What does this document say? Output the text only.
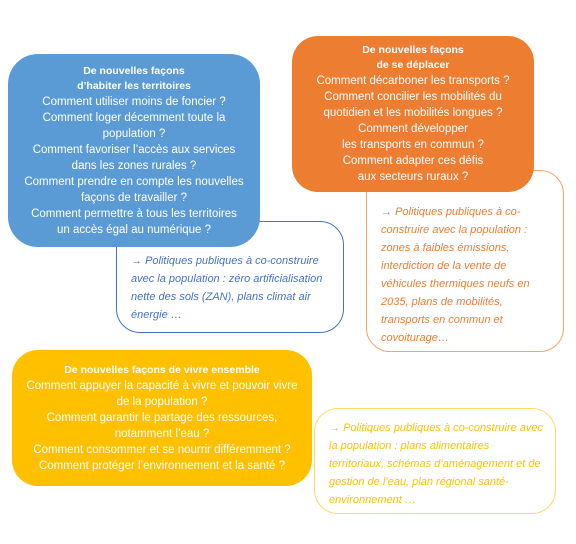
→ Politiques publiques à co-construire avec la population : zéro artificialisation nette des sols (ZAN), plans climat air énergie …
→ Politiques publiques à co-construire avec la population : zones à faibles émissions, interdiction de la vente de véhicules thermiques neufs en 2035, plans de mobilités, transports en commun et covoiturage…
→ Politiques publiques à co-construire avec la population : plans alimentaires territoriaux, schémas d’aménagement et de gestion de l’eau, plan régional santé-environnement …
De nouvelles façons
d’habiter les territoires
Comment utiliser moins de foncier ?
Comment loger décemment toute la
population ?
Comment favoriser l’accès aux services
dans les zones rurales ?
Comment prendre en compte les nouvelles
façons de travailler ?
Comment permettre à tous les territoires
un accès égal au numérique ?
De nouvelles façons
de se déplacer
Comment décarboner les transports ?
Comment concilier les mobilités du
quotidien et les mobilités longues ?
Comment développer
les transports en commun ?
Comment adapter ces défis
aux secteurs ruraux ?
De nouvelles façons de vivre ensemble
Comment appuyer la capacité à vivre et pouvoir vivre
de la population ?
Comment garantir le partage des ressources,
notamment l’eau ?
Comment consommer et se nourrir différemment ?
Comment protéger l’environnement et la santé ?
